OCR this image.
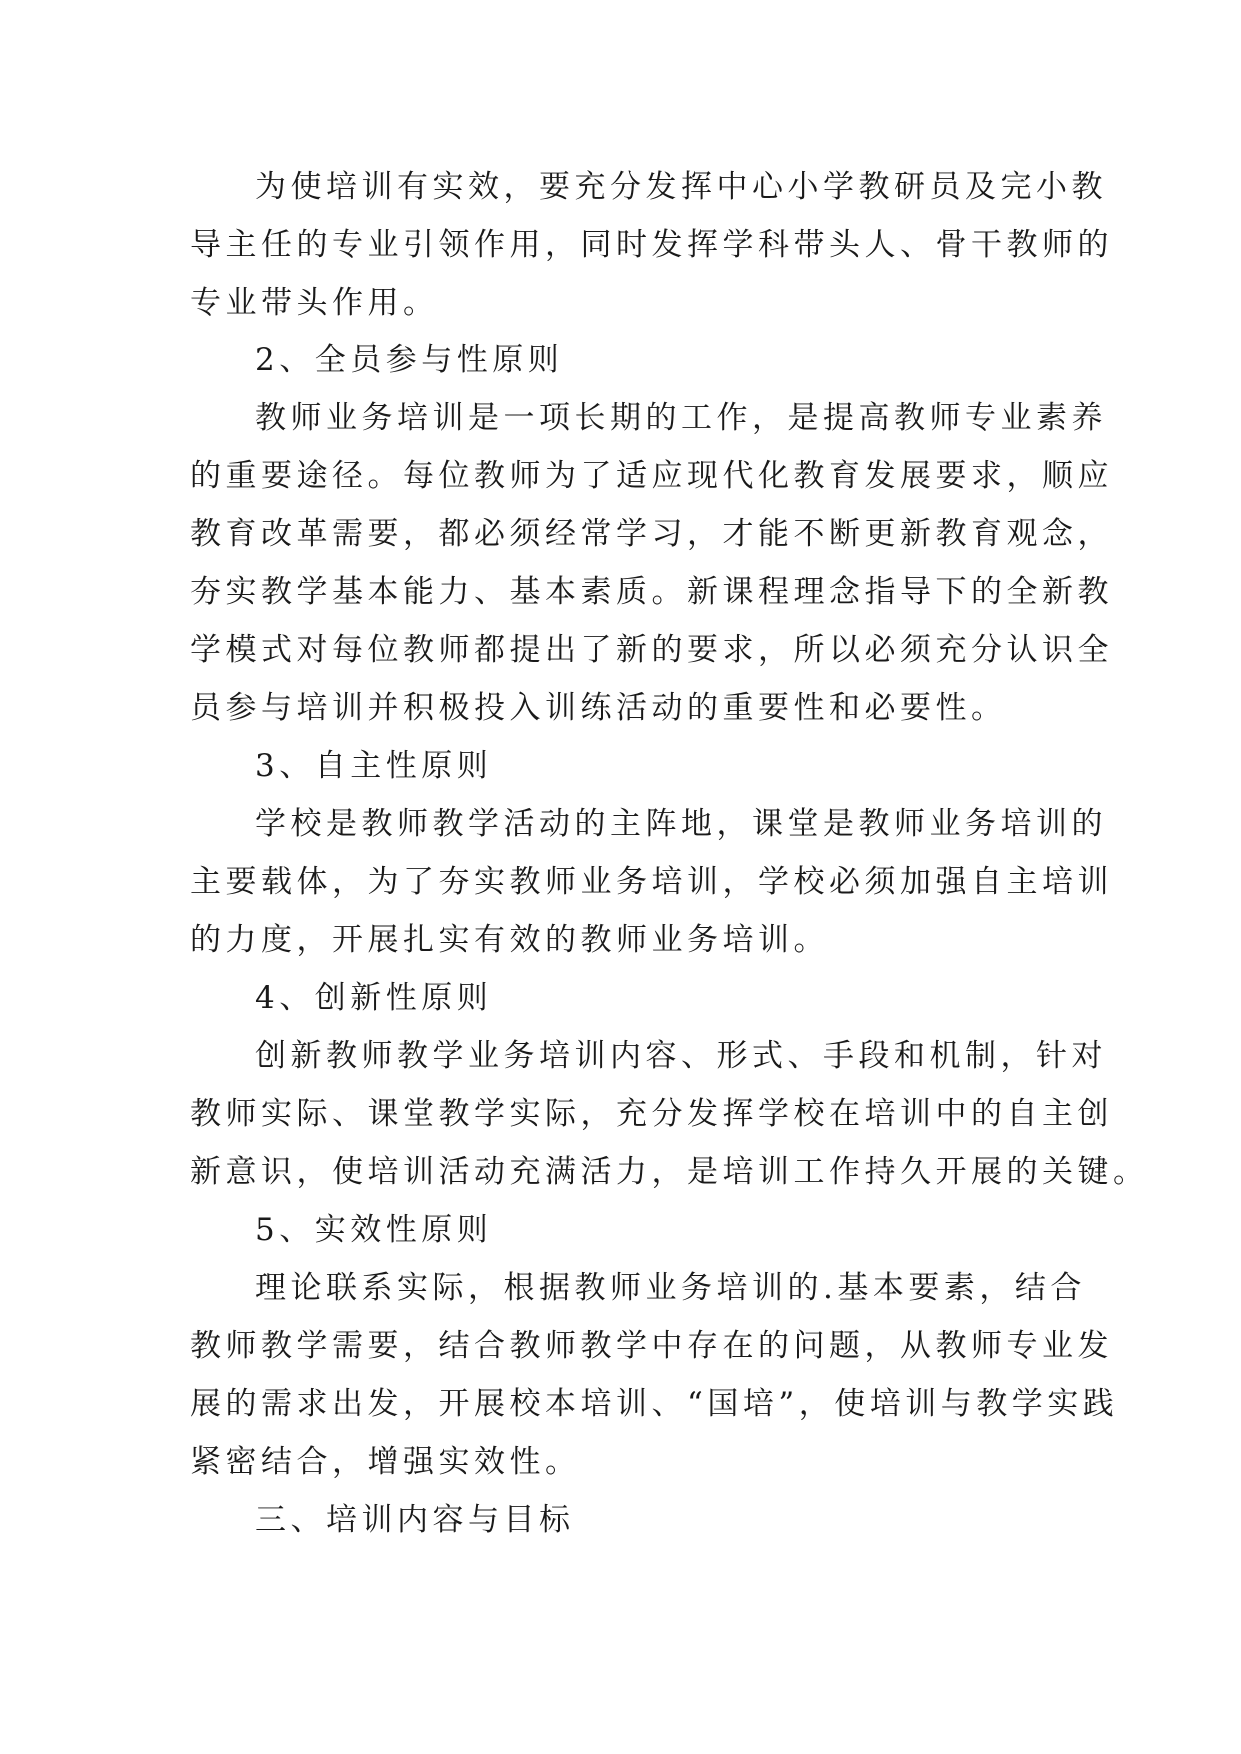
为使培训有实效，要充分发挥中心小学教研员及完小教
导主任的专业引领作用，同时发挥学科带头人、骨干教师的
专业带头作用。
2、全员参与性原则
教师业务培训是一项长期的工作，是提高教师专业素养
的重要途径。每位教师为了适应现代化教育发展要求，顺应
教育改革需要，都必须经常学习，才能不断更新教育观念，
夯实教学基本能力、基本素质。新课程理念指导下的全新教
学模式对每位教师都提出了新的要求，所以必须充分认识全
员参与培训并积极投入训练活动的重要性和必要性。
3、自主性原则
学校是教师教学活动的主阵地，课堂是教师业务培训的
主要载体，为了夯实教师业务培训，学校必须加强自主培训
的力度，开展扎实有效的教师业务培训。
4、创新性原则
创新教师教学业务培训内容、形式、手段和机制，针对
教师实际、课堂教学实际，充分发挥学校在培训中的自主创
新意识，使培训活动充满活力，是培训工作持久开展的关键。
5、实效性原则
理论联系实际，根据教师业务培训的.基本要素，结合
教师教学需要，结合教师教学中存在的问题，从教师专业发
展的需求出发，开展校本培训、“国培”，使培训与教学实践
紧密结合，增强实效性。
三、培训内容与目标
